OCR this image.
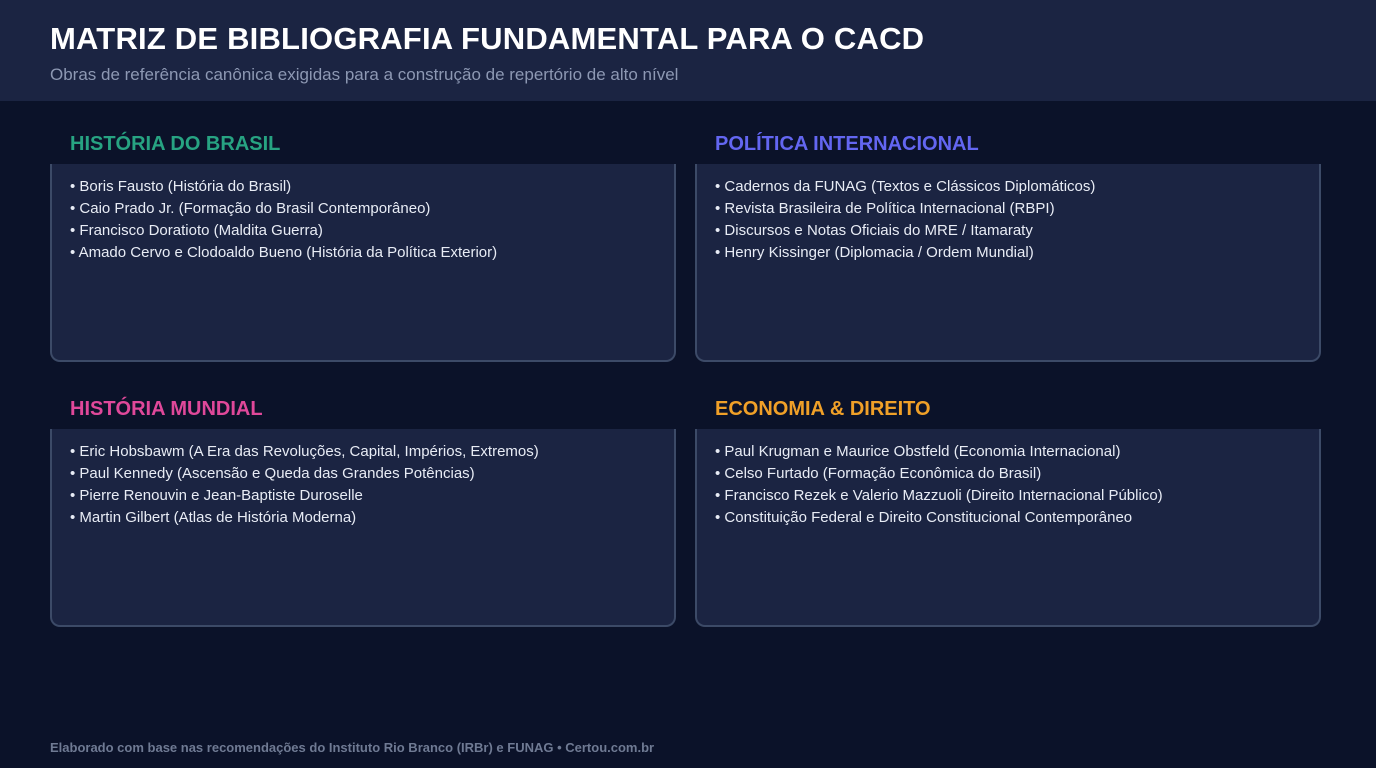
MATRIZ DE BIBLIOGRAFIA FUNDAMENTAL PARA O CACD

Obras de referência canônica exigidas para a construção de repertório de alto nível

HISTÓRIA DO BRASIL
• Boris Fausto (História do Brasil)
• Caio Prado Jr. (Formação do Brasil Contemporâneo)
• Francisco Doratioto (Maldita Guerra)
• Amado Cervo e Clodoaldo Bueno (História da Política Exterior)
POLÍTICA INTERNACIONAL
• Cadernos da FUNAG (Textos e Clássicos Diplomáticos)
• Revista Brasileira de Política Internacional (RBPI)
• Discursos e Notas Oficiais do MRE / Itamaraty
• Henry Kissinger (Diplomacia / Ordem Mundial)
HISTÓRIA MUNDIAL
• Eric Hobsbawm (A Era das Revoluções, Capital, Impérios, Extremos)
• Paul Kennedy (Ascensão e Queda das Grandes Potências)
• Pierre Renouvin e Jean-Baptiste Duroselle
• Martin Gilbert (Atlas de História Moderna)
ECONOMIA & DIREITO
• Paul Krugman e Maurice Obstfeld (Economia Internacional)
• Celso Furtado (Formação Econômica do Brasil)
• Francisco Rezek e Valerio Mazzuoli (Direito Internacional Público)
• Constituição Federal e Direito Constitucional Contemporâneo

Elaborado com base nas recomendações do Instituto Rio Branco (IRBr) e FUNAG • Certou.com.br
